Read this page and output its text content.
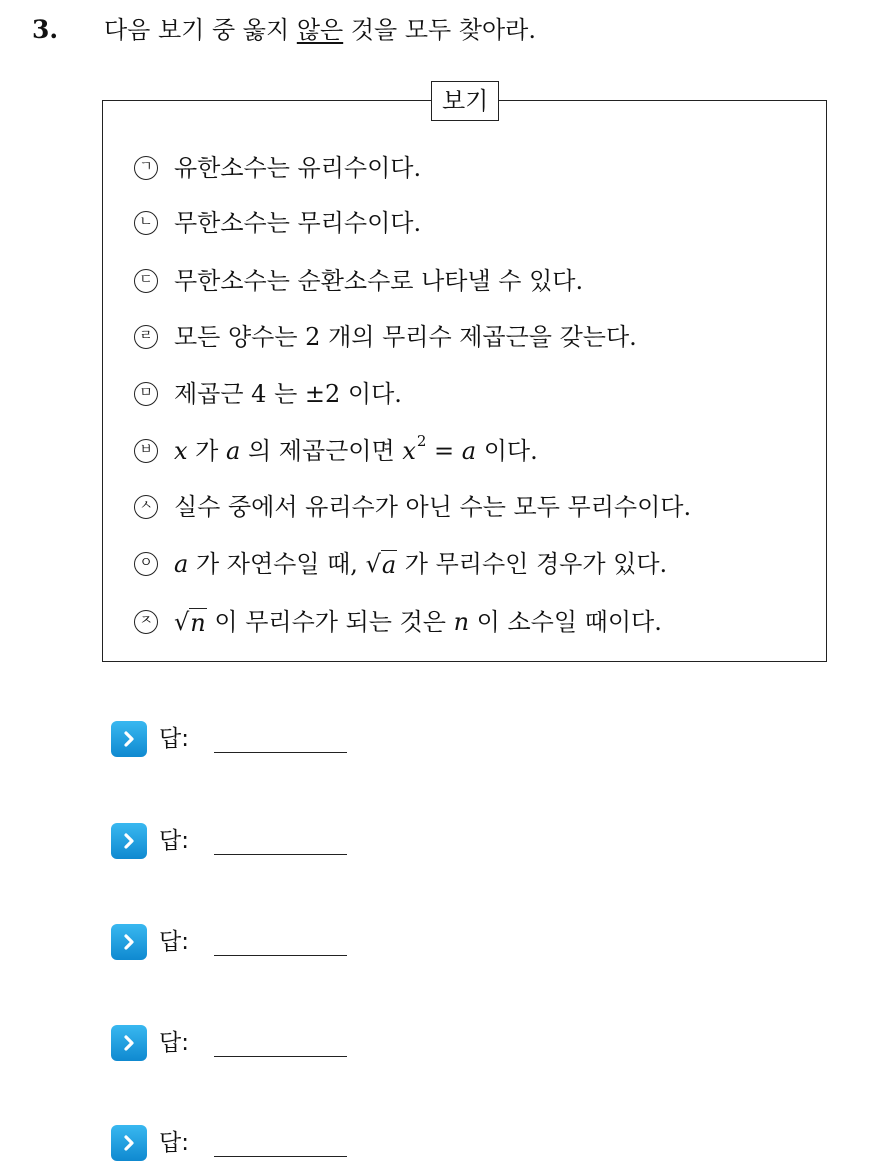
3. 다음 보기 중 옳지 않은 것을 모두 찾아라.
보기
ㄱ 유한소수는 유리수이다.
ㄴ 무한소수는 무리수이다.
ㄷ 무한소수는 순환소수로 나타낼 수 있다.
ㄹ 모든 양수는 2 개의 무리수 제곱근을 갖는다.
ㅁ 제곱근 4 는 ±2 이다.
ㅂ x 가 a 의 제곱근이면 x 2 = a 이다.
ㅅ 실수 중에서 유리수가 아닌 수는 모두 무리수이다.
ㅇ a 가 자연수일 때, √ a 가 무리수인 경우가 있다.
ㅈ √ n 이 무리수가 되는 것은 n 이 소수일 때이다.
답:
답:
답:
답:
답:
